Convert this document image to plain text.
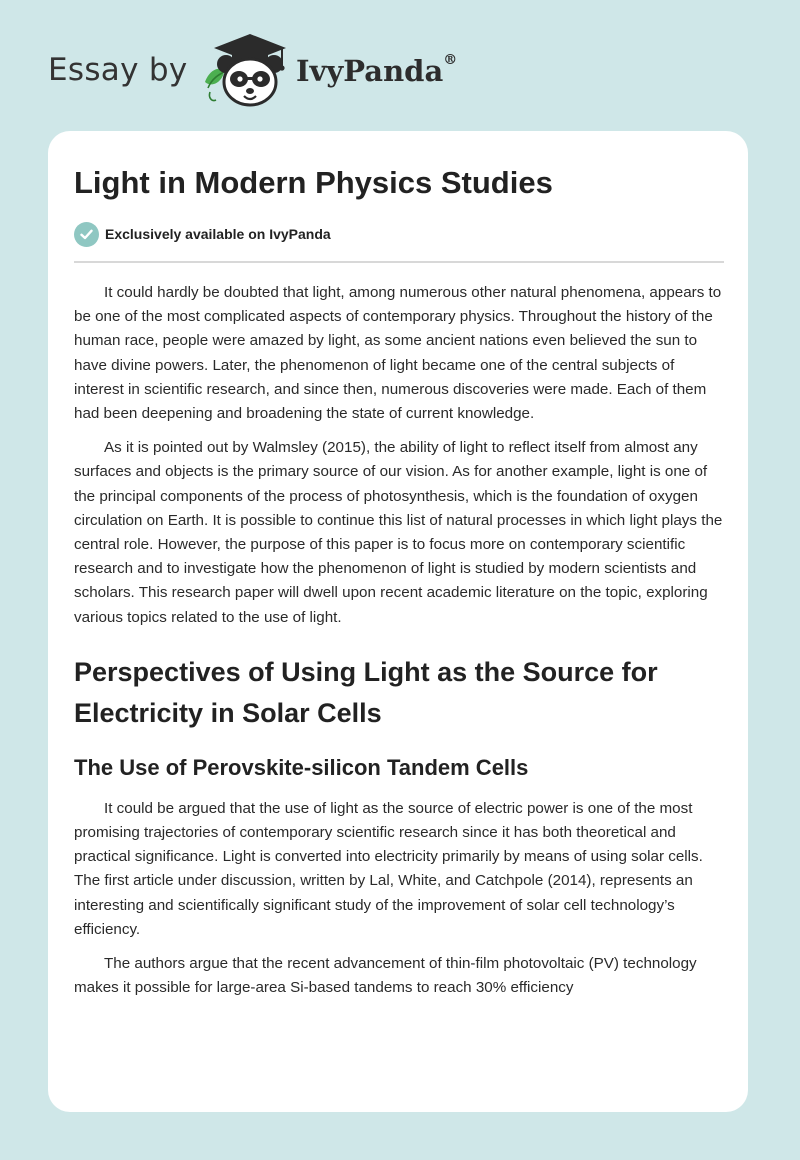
Essay by	IvyPanda®
Light in Modern Physics Studies
Exclusively available on IvyPanda

It could hardly be doubted that light, among numerous other natural phenomena, appears to be one of the most complicated aspects of contemporary physics. Throughout the history of the human race, people were amazed by light, as some ancient nations even believed the sun to have divine powers. Later, the phenomenon of light became one of the central subjects of interest in scientific research, and since then, numerous discoveries were made. Each of them had been deepening and broadening the state of current knowledge.

As it is pointed out by Walmsley (2015), the ability of light to reflect itself from almost any surfaces and objects is the primary source of our vision. As for another example, light is one of the principal components of the process of photosynthesis, which is the foundation of oxygen circulation on Earth. It is possible to continue this list of natural processes in which light plays the central role. However, the purpose of this paper is to focus more on contemporary scientific research and to investigate how the phenomenon of light is studied by modern scientists and scholars. This research paper will dwell upon recent academic literature on the topic, exploring various topics related to the use of light.

Perspectives of Using Light as the Source for Electricity in Solar Cells
The Use of Perovskite-silicon Tandem Cells

It could be argued that the use of light as the source of electric power is one of the most promising trajectories of contemporary scientific research since it has both theoretical and practical significance. Light is converted into electricity primarily by means of using solar cells. The first article under discussion, written by Lal, White, and Catchpole (2014), represents an interesting and scientifically significant study of the improvement of solar cell technology’s efficiency.

The authors argue that the recent advancement of thin-film photovoltaic (PV) technology makes it possible for large-area Si-based tandems to reach 30% efficiency
